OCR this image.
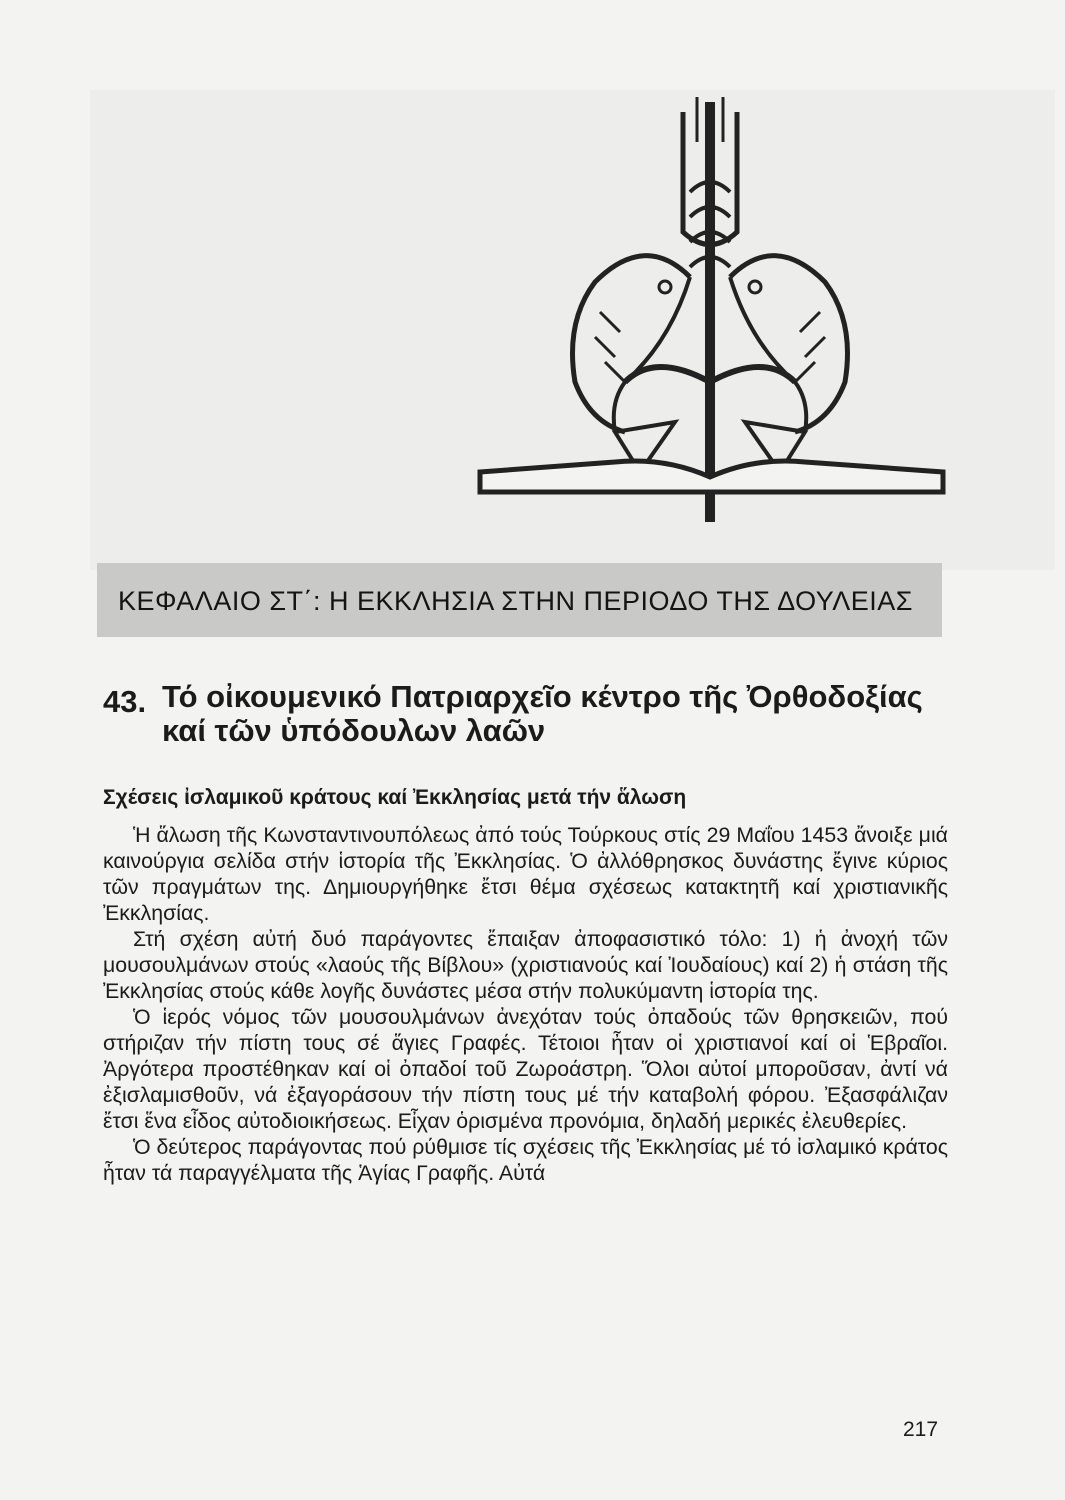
ΚΕΦΑΛΑΙΟ ΣΤ΄: Η ΕΚΚΛΗΣΙΑ ΣΤΗΝ ΠΕΡΙΟΔΟ ΤΗΣ ΔΟΥΛΕΙΑΣ
43. Τό οἰκουμενικό Πατριαρχεῖο κέντρο τῆς Ὀρθοδοξίας καί τῶν ὑπόδουλων λαῶν
Σχέσεις ἰσλαμικοῦ κράτους καί Ἐκκλησίας μετά τήν ἅλωση

Ἡ ἅλωση τῆς Κωνσταντινουπόλεως ἀπό τούς Τούρκους στίς 29 Μαΐου 1453 ἄνοιξε μιά καινούργια σελίδα στήν ἱστορία τῆς Ἐκκλησίας. Ὁ ἀλλόθρησκος δυνάστης ἔγινε κύριος τῶν πραγμάτων της. Δημιουργήθηκε ἔτσι θέμα σχέσεως κατακτητῆ καί χριστιανικῆς Ἐκκλησίας.

Στή σχέση αὐτή δυό παράγοντες ἔπαιξαν ἀποφασιστικό τόλο: 1) ἡ ἀνοχή τῶν μουσουλμάνων στούς «λαούς τῆς Βίβλου» (χριστιανούς καί Ἰουδαίους) καί 2) ἡ στάση τῆς Ἐκκλησίας στούς κάθε λογῆς δυνάστες μέσα στήν πολυκύμαντη ἱστορία της.

Ὁ ἱερός νόμος τῶν μουσουλμάνων ἀνεχόταν τούς ὀπαδούς τῶν θρησκειῶν, πού στήριζαν τήν πίστη τους σέ ἅγιες Γραφές. Τέτοιοι ἦταν οἱ χριστιανοί καί οἱ Ἑβραῖοι. Ἀργότερα προστέθηκαν καί οἱ ὀπαδοί τοῦ Ζωροάστρη. Ὅλοι αὐτοί μποροῦσαν, ἀντί νά ἐξισλαμισθοῦν, νά ἐξαγοράσουν τήν πίστη τους μέ τήν καταβολή φόρου. Ἐξασφάλιζαν ἔτσι ἕνα εἶδος αὐτοδιοικήσεως. Εἶχαν ὁρισμένα προνόμια, δηλαδή μερικές ἐλευθερίες.

Ὁ δεύτερος παράγοντας πού ρύθμισε τίς σχέσεις τῆς Ἐκκλησίας μέ τό ἰσλαμικό κράτος ἦταν τά παραγγέλματα τῆς Ἁγίας Γραφῆς. Αὐτά

217
